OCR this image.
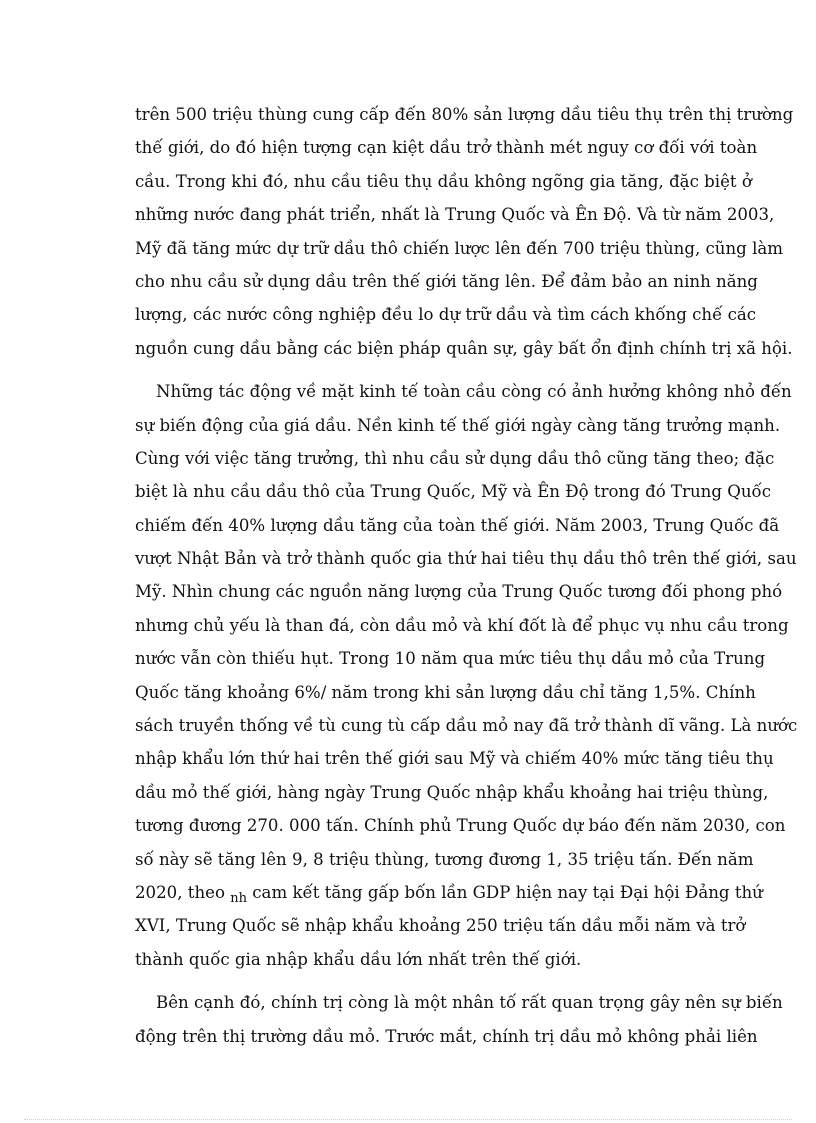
trên 500 triệu thùng cung cấp đến 80% sản lượng dầu tiêu thụ trên thị trường
thế giới, do đó hiện tượng cạn kiệt dầu trở thành mét nguy cơ đối với toàn
cầu. Trong khi đó, nhu cầu tiêu thụ dầu không ngõng gia tăng, đặc biệt ở
những nước đang phát triển, nhất là Trung Quốc và Ên Độ. Và từ năm 2003,
Mỹ đã tăng mức dự trữ dầu thô chiến lược lên đến 700 triệu thùng, cũng làm
cho nhu cầu sử dụng dầu trên thế giới tăng lên. Để đảm bảo an ninh năng
lượng, các nước công nghiệp đều lo dự trữ dầu và tìm cách khống chế các
nguồn cung dầu bằng các biện pháp quân sự, gây bất ổn định chính trị xã hội.
Những tác động về mặt kinh tế toàn cầu còng có ảnh hưởng không nhỏ đến
sự biến động của giá dầu. Nền kinh tế thế giới ngày càng tăng trưởng mạnh.
Cùng với việc tăng trưởng, thì nhu cầu sử dụng dầu thô cũng tăng theo; đặc
biệt là nhu cầu dầu thô của Trung Quốc, Mỹ và Ên Độ trong đó Trung Quốc
chiếm đến 40% lượng dầu tăng của toàn thế giới. Năm 2003, Trung Quốc đã
vượt Nhật Bản và trở thành quốc gia thứ hai tiêu thụ dầu thô trên thế giới, sau
Mỹ. Nhìn chung các nguồn năng lượng của Trung Quốc tương đối phong phó
nhưng chủ yếu là than đá, còn dầu mỏ và khí đốt là để phục vụ nhu cầu trong
nước vẫn còn thiếu hụt. Trong 10 năm qua mức tiêu thụ dầu mỏ của Trung
Quốc tăng khoảng 6%/ năm trong khi sản lượng dầu chỉ tăng 1,5%. Chính
sách truyền thống về tù cung tù cấp dầu mỏ nay đã trở thành dĩ vãng. Là nước
nhập khẩu lớn thứ hai trên thế giới sau Mỹ và chiếm 40% mức tăng tiêu thụ
dầu mỏ thế giới, hàng ngày Trung Quốc nhập khẩu khoảng hai triệu thùng,
tương đương 270. 000 tấn. Chính phủ Trung Quốc dự báo đến năm 2030, con
số này sẽ tăng lên 9, 8 triệu thùng, tương đương 1, 35 triệu tấn. Đến năm
2020, theo $_{nh}$ cam kết tăng gấp bốn lần GDP hiện nay tại Đại hội Đảng thứ
XVI, Trung Quốc sẽ nhập khẩu khoảng 250 triệu tấn dầu mỗi năm và trở
thành quốc gia nhập khẩu dầu lớn nhất trên thế giới.
Bên cạnh đó, chính trị còng là một nhân tố rất quan trọng gây nên sự biến
động trên thị trường dầu mỏ. Trước mắt, chính trị dầu mỏ không phải liên
